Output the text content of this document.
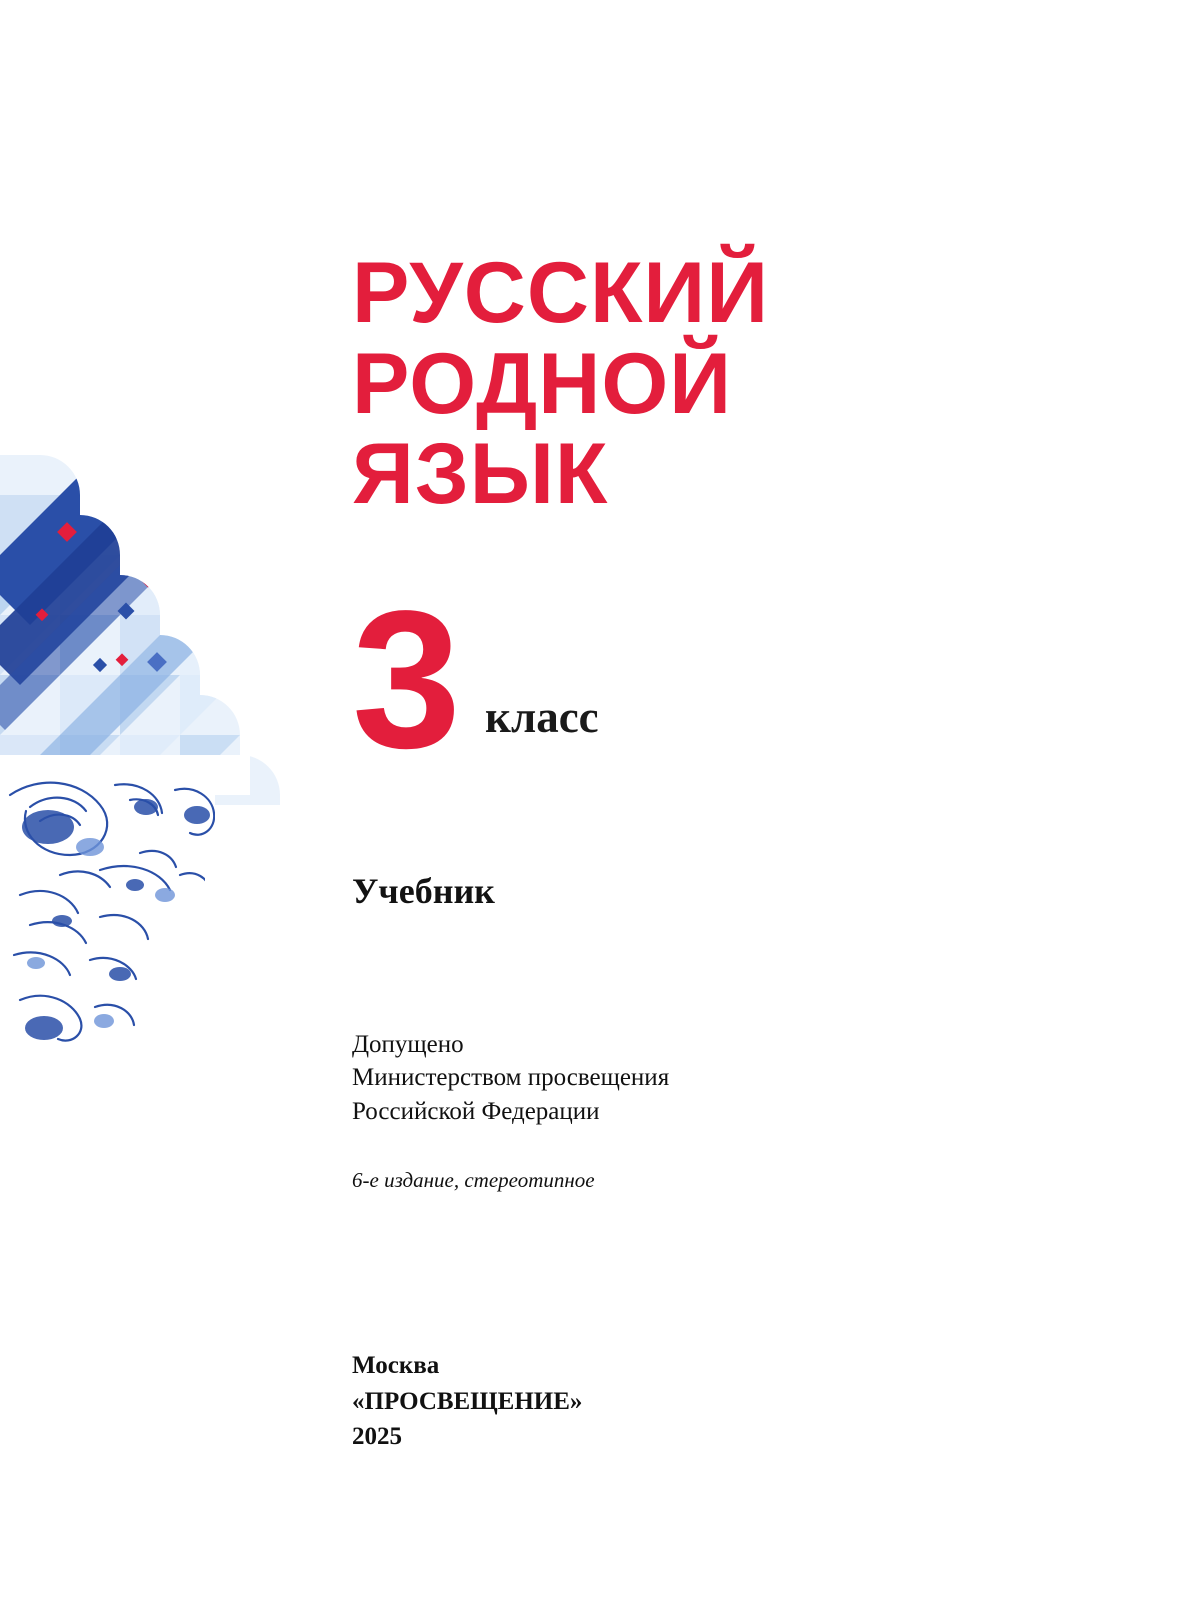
РУССКИЙ
РОДНОЙ
ЯЗЫК
3 класс
Учебник
Допущено
Министерством просвещения
Российской Федерации
6-е издание, стереотипное
Москва
«ПРОСВЕЩЕНИЕ»
2025
